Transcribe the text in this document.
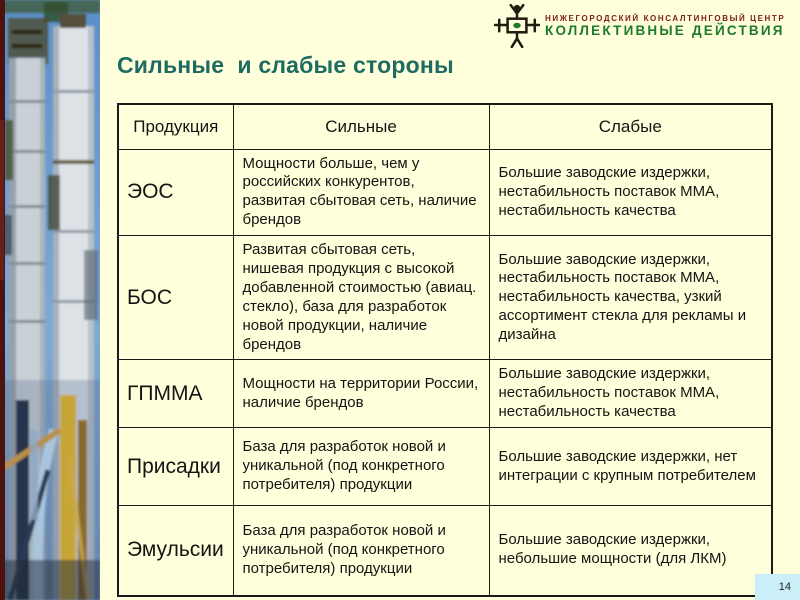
НИЖЕГОРОДСКИЙ КОНСАЛТИНГОВЫЙ ЦЕНТР
КОЛЛЕКТИВНЫЕ ДЕЙСТВИЯ
Сильные  и слабые стороны
Продукция	Сильные	Слабые
ЭОС	Мощности больше, чем у российских конкурентов, развитая сбытовая сеть, наличие брендов	Большие заводские издержки, нестабильность поставок ММА, нестабильность качества
БОС	Развитая сбытовая сеть, нишевая продукция с высокой добавленной стоимостью (авиац. стекло), база для разработок новой продукции, наличие брендов	Большие заводские издержки, нестабильность поставок ММА, нестабильность качества, узкий ассортимент стекла для рекламы и дизайна
ГПММА	Мощности на территории России, наличие брендов	Большие заводские издержки, нестабильность поставок ММА, нестабильность качества
Присадки	База для разработок новой и уникальной (под конкретного потребителя) продукции	Большие заводские издержки, нет интеграции с крупным потребителем
Эмульсии	База для разработок новой и уникальной (под конкретного потребителя) продукции	Большие заводские издержки, небольшие мощности (для ЛКМ)
14
